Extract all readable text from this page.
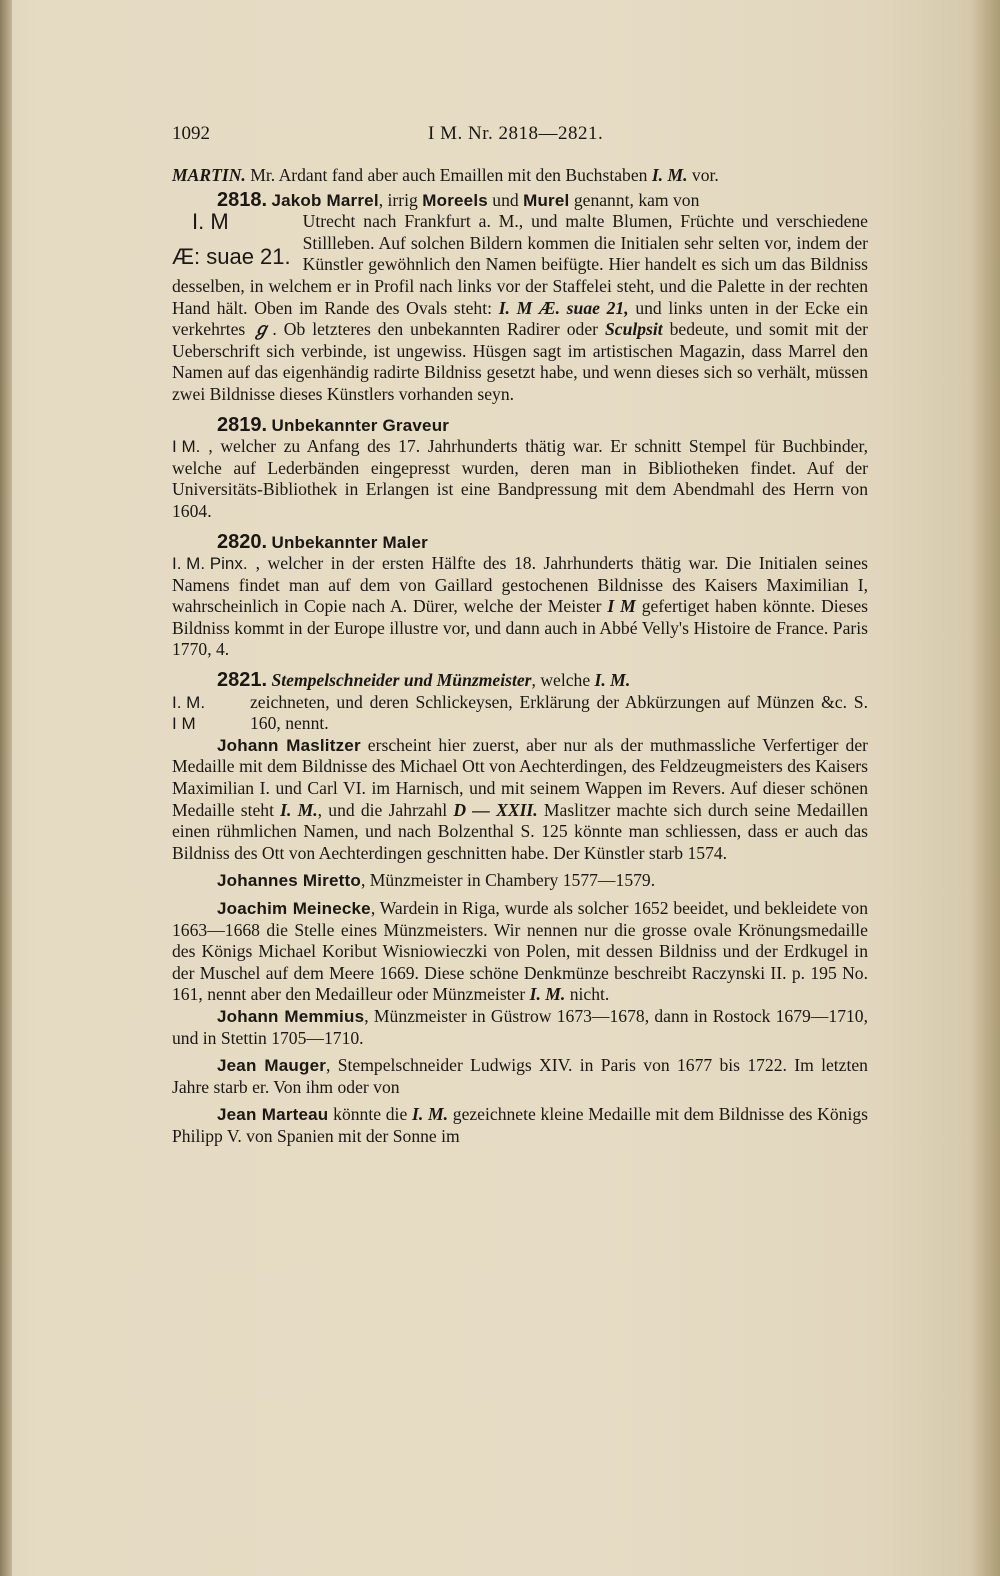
1092	I M. Nr. 2818—2821.

MARTIN. Mr. Ardant fand aber auch Emaillen mit den Buchstaben I. M. vor.

2818. Jakob Marrel, irrig Moreels und Murel genannt, kam von

I. M
Æ: suae 21.
Utrecht nach Frankfurt a. M., und malte Blumen, Früchte und verschiedene Stillleben. Auf solchen Bildern kommen die Initialen sehr selten vor, indem der Künstler gewöhnlich den Namen beifügte. Hier handelt es sich um das Bildniss desselben, in welchem er in Profil nach links vor der Staffelei steht, und die Palette in der rechten Hand hält. Oben im Rande des Ovals steht: I. M Æ. suae 21, und links unten in der Ecke ein verkehrtes ℊ. Ob letzteres den unbekannten Radirer oder Sculpsit bedeute, und somit mit der Ueberschrift sich verbinde, ist ungewiss. Hüsgen sagt im artistischen Magazin, dass Marrel den Namen auf das eigenhändig radirte Bildniss gesetzt habe, und wenn dieses sich so verhält, müssen zwei Bildnisse dieses Künstlers vorhanden seyn.

2819. Unbekannter Graveur

I M. , welcher zu Anfang des 17. Jahrhunderts thätig war. Er schnitt Stempel für Buchbinder, welche auf Lederbänden eingepresst wurden, deren man in Bibliotheken findet. Auf der Universitäts-Bibliothek in Erlangen ist eine Bandpressung mit dem Abendmahl des Herrn von 1604.

2820. Unbekannter Maler

I. M. Pinx. , welcher in der ersten Hälfte des 18. Jahrhunderts thätig war. Die Initialen seines Namens findet man auf dem von Gaillard gestochenen Bildnisse des Kaisers Maximilian I, wahrscheinlich in Copie nach A. Dürer, welche der Meister I M gefertiget haben könnte. Dieses Bildniss kommt in der Europe illustre vor, und dann auch in Abbé Velly's Histoire de France. Paris 1770, 4.

2821. Stempelschneider und Münzmeister, welche I. M.

I. M.
I M
zeichneten, und deren Schlickeysen, Erklärung der Abkürzungen auf Münzen &c. S. 160, nennt.

Johann Maslitzer erscheint hier zuerst, aber nur als der muthmassliche Verfertiger der Medaille mit dem Bildnisse des Michael Ott von Aechterdingen, des Feldzeugmeisters des Kaisers Maximilian I. und Carl VI. im Harnisch, und mit seinem Wappen im Revers. Auf dieser schönen Medaille steht I. M., und die Jahrzahl D — XXII. Maslitzer machte sich durch seine Medaillen einen rühmlichen Namen, und nach Bolzenthal S. 125 könnte man schliessen, dass er auch das Bildniss des Ott von Aechterdingen geschnitten habe. Der Künstler starb 1574.

Johannes Miretto, Münzmeister in Chambery 1577—1579.

Joachim Meinecke, Wardein in Riga, wurde als solcher 1652 beeidet, und bekleidete von 1663—1668 die Stelle eines Münzmeisters. Wir nennen nur die grosse ovale Krönungsmedaille des Königs Michael Koribut Wisniowieczki von Polen, mit dessen Bildniss und der Erdkugel in der Muschel auf dem Meere 1669. Diese schöne Denkmünze beschreibt Raczynski II. p. 195 No. 161, nennt aber den Medailleur oder Münzmeister I. M. nicht.

Johann Memmius, Münzmeister in Güstrow 1673—1678, dann in Rostock 1679—1710, und in Stettin 1705—1710.

Jean Mauger, Stempelschneider Ludwigs XIV. in Paris von 1677 bis 1722. Im letzten Jahre starb er. Von ihm oder von

Jean Marteau könnte die I. M. gezeichnete kleine Medaille mit dem Bildnisse des Königs Philipp V. von Spanien mit der Sonne im
